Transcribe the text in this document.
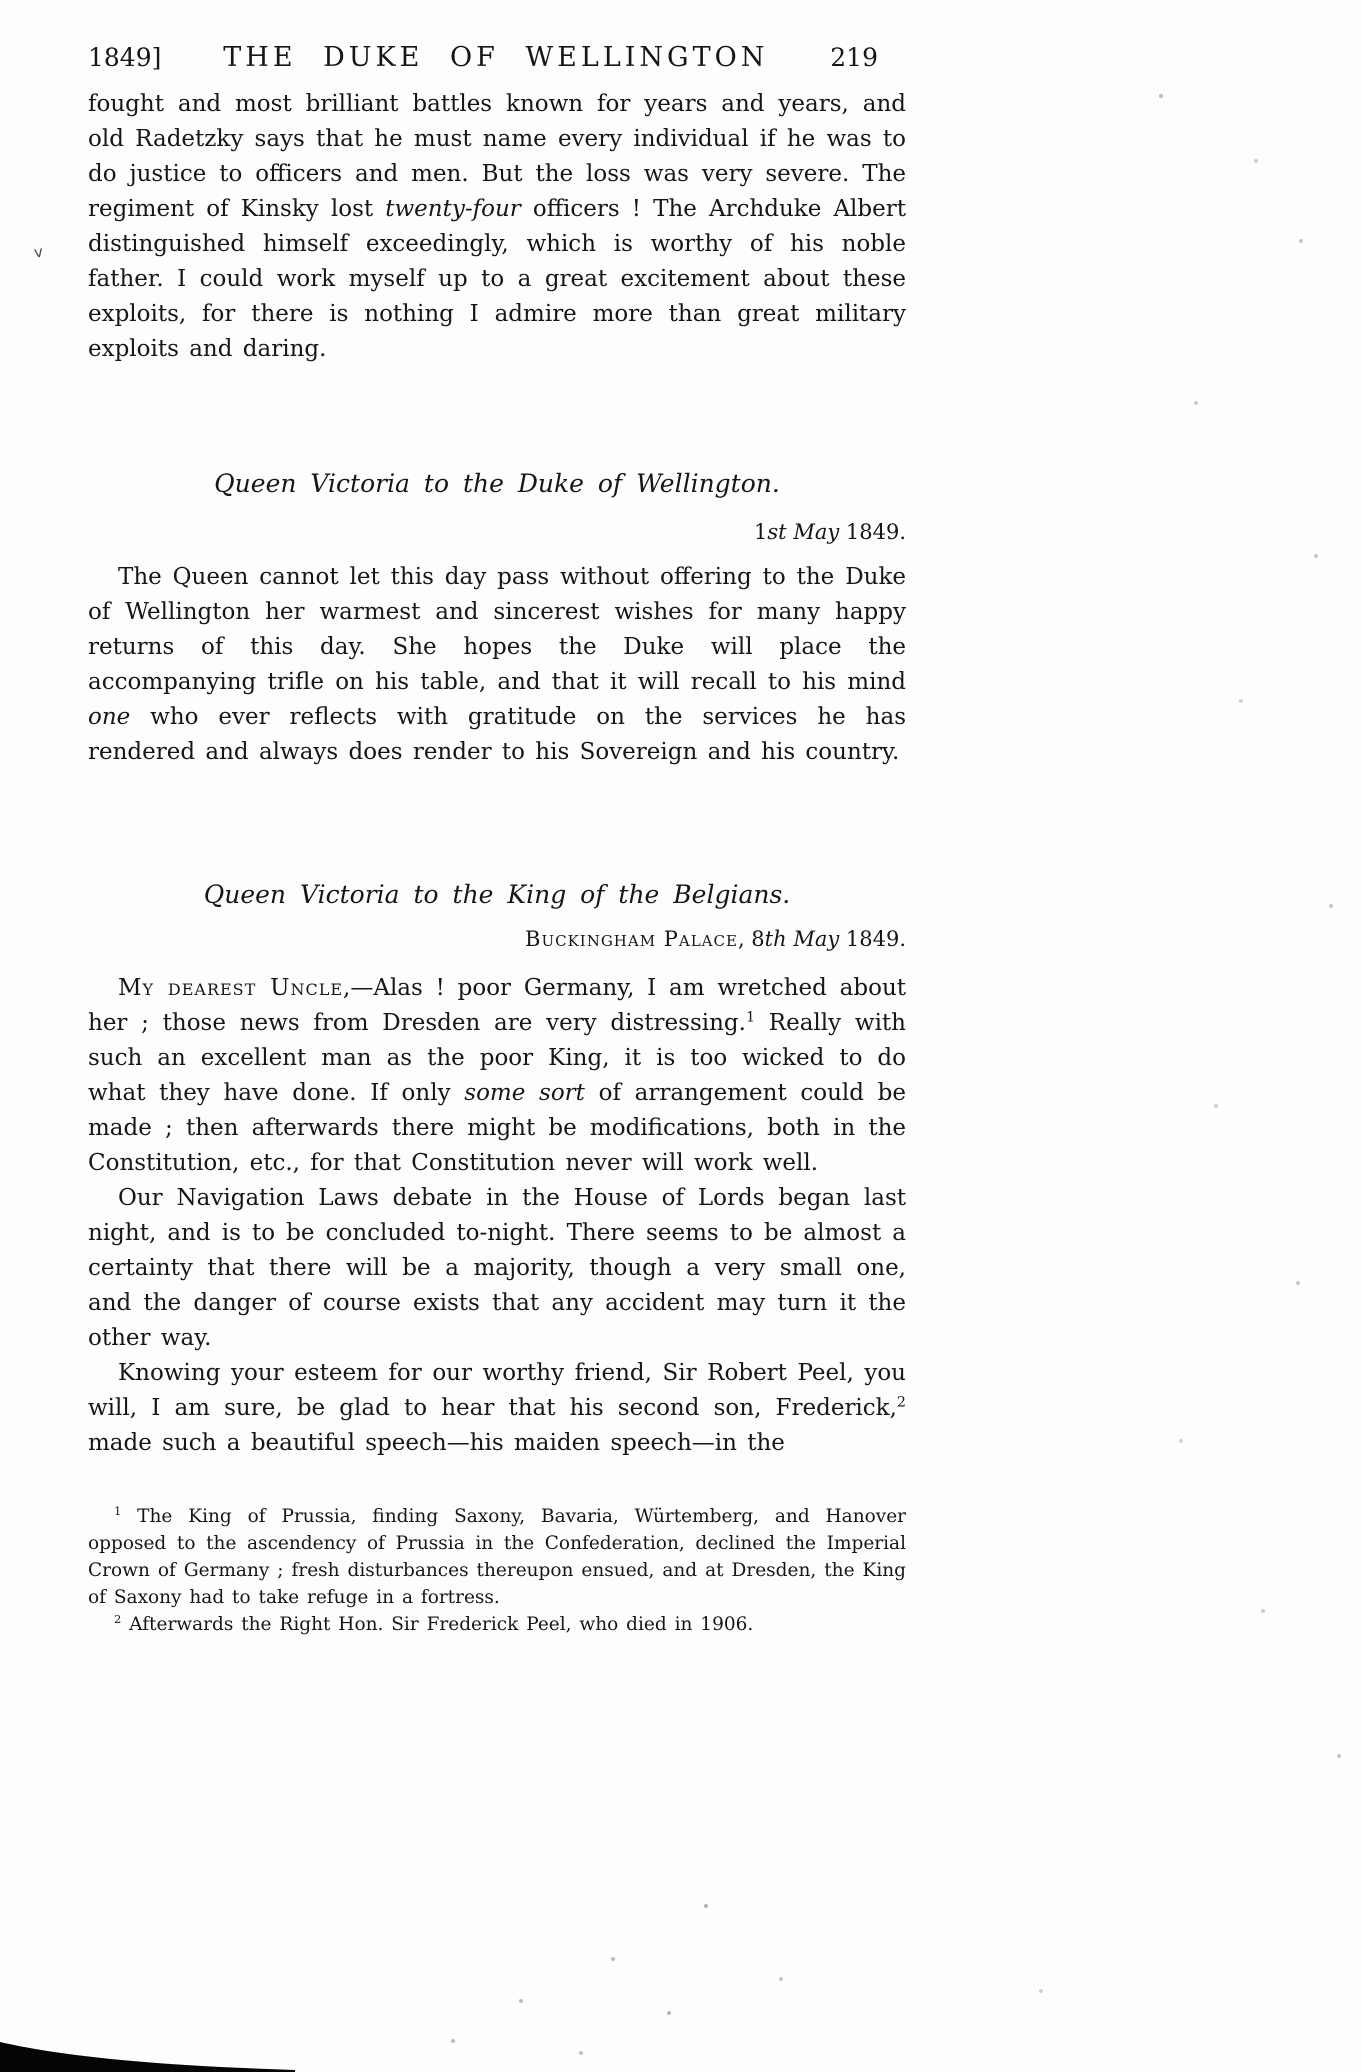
v
1849] THE DUKE OF WELLINGTON 219

fought and most brilliant battles known for years and years, and old Radetzky says that he must name every individual if he was to do justice to officers and men. But the loss was very severe. The regiment of Kinsky lost twenty-four officers ! The Archduke Albert distinguished himself exceedingly, which is worthy of his noble father. I could work myself up to a great excitement about these exploits, for there is nothing I admire more than great military exploits and daring.

Queen Victoria to the Duke of Wellington.

1st May 1849.

The Queen cannot let this day pass without offering to the Duke of Wellington her warmest and sincerest wishes for many happy returns of this day. She hopes the Duke will place the accompanying trifle on his table, and that it will recall to his mind one who ever reflects with gratitude on the services he has rendered and always does render to his Sovereign and his country.

Queen Victoria to the King of the Belgians.

Buckingham Palace, 8th May 1849.

My dearest Uncle,—Alas ! poor Germany, I am wretched about her ; those news from Dresden are very distressing.$^1$ Really with such an excellent man as the poor King, it is too wicked to do what they have done. If only some sort of arrangement could be made ; then afterwards there might be modifications, both in the Constitution, etc., for that Constitution never will work well.

Our Navigation Laws debate in the House of Lords began last night, and is to be concluded to-night. There seems to be almost a certainty that there will be a majority, though a very small one, and the danger of course exists that any accident may turn it the other way.

Knowing your esteem for our worthy friend, Sir Robert Peel, you will, I am sure, be glad to hear that his second son, Frederick,$^2$ made such a beautiful speech—his maiden speech—in the

$^1$ The King of Prussia, finding Saxony, Bavaria, Würtemberg, and Hanover opposed to the ascendency of Prussia in the Confederation, declined the Imperial Crown of Germany ; fresh disturbances thereupon ensued, and at Dresden, the King of Saxony had to take refuge in a fortress.

$^2$ Afterwards the Right Hon. Sir Frederick Peel, who died in 1906.
